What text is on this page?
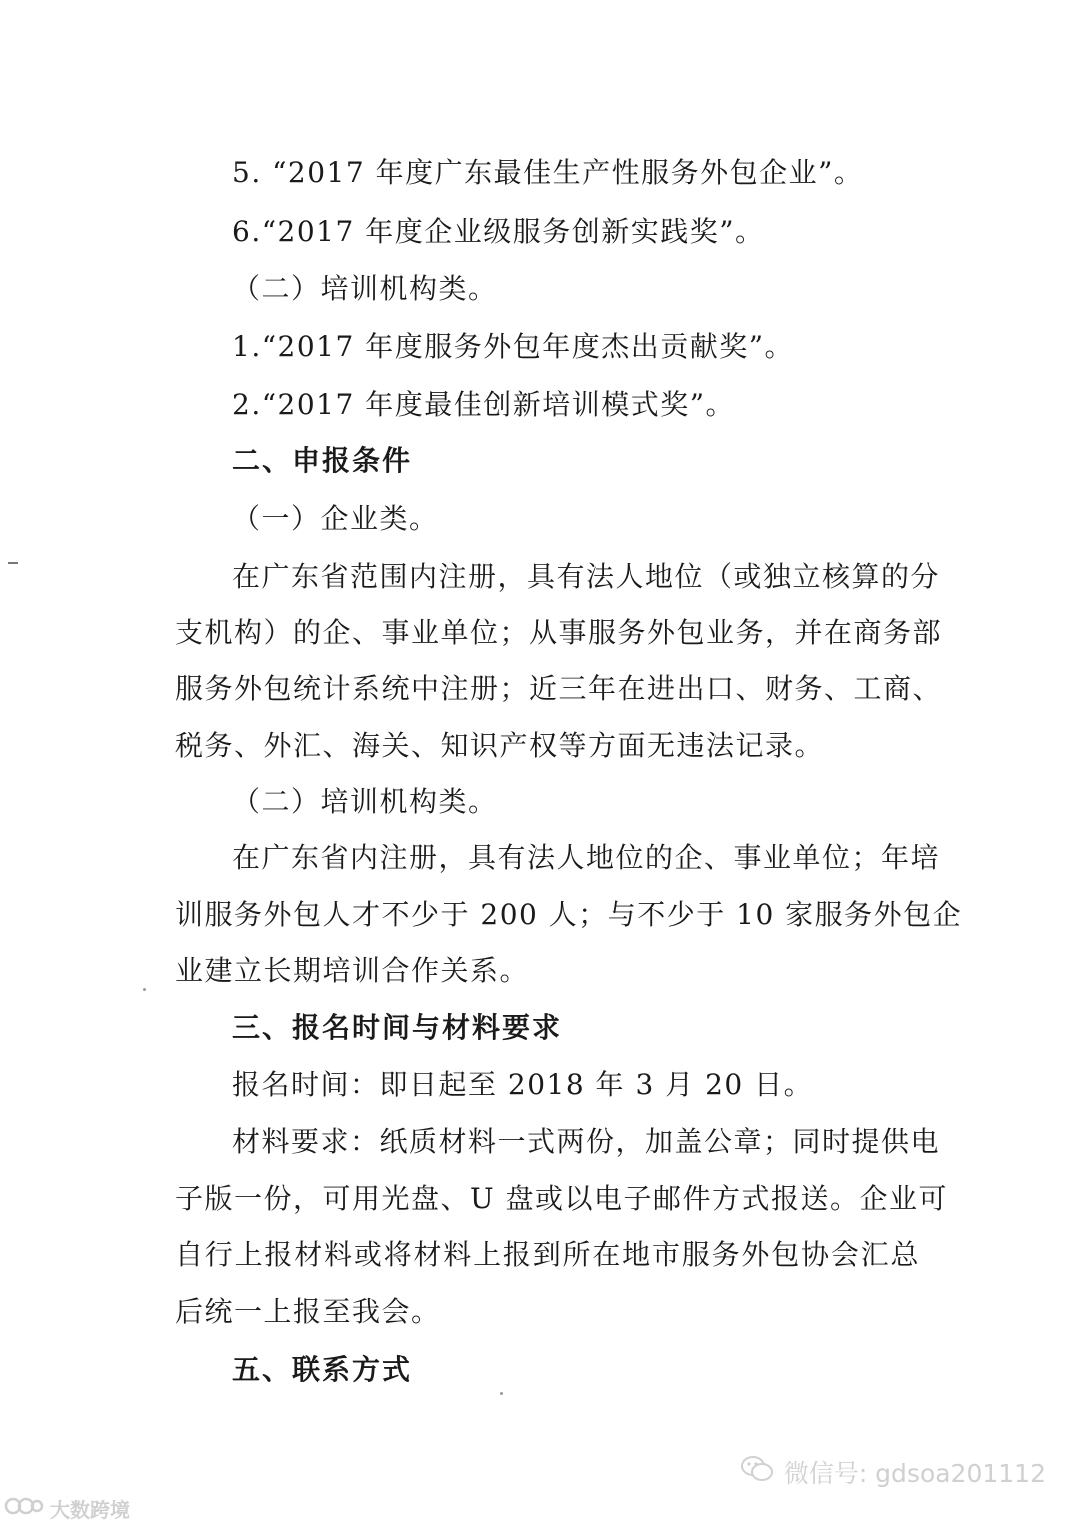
5. “2017 年度广东最佳生产性服务外包企业”。
6.“2017 年度企业级服务创新实践奖”。
（二）培训机构类。
1.“2017 年度服务外包年度杰出贡献奖”。
2.“2017 年度最佳创新培训模式奖”。
二、申报条件
（一）企业类。
在广东省范围内注册，具有法人地位（或独立核算的分
支机构）的企、事业单位；从事服务外包业务，并在商务部
服务外包统计系统中注册；近三年在进出口、财务、工商、
税务、外汇、海关、知识产权等方面无违法记录。
（二）培训机构类。
在广东省内注册，具有法人地位的企、事业单位；年培
训服务外包人才不少于 200 人；与不少于 10 家服务外包企
业建立长期培训合作关系。
三、报名时间与材料要求
报名时间：即日起至 2018 年 3 月 20 日。
材料要求：纸质材料一式两份，加盖公章；同时提供电
子版一份，可用光盘、U 盘或以电子邮件方式报送。企业可
自行上报材料或将材料上报到所在地市服务外包协会汇总
后统一上报至我会。
五、联系方式
微信号: gdsoa201112
大数跨境
